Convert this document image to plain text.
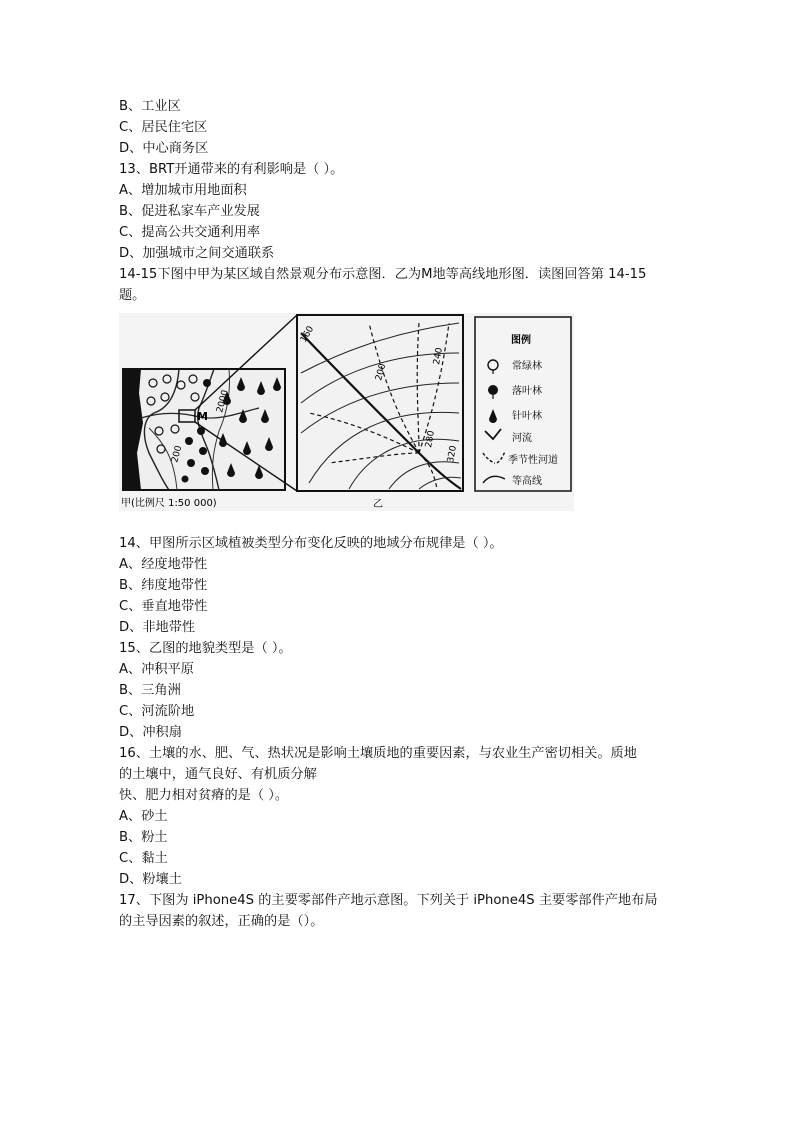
B、工业区
C、居民住宅区
D、中心商务区
13、BRT开通带来的有利影响是（ ）。
A、增加城市用地面积
B、促进私家车产业发展
C、提高公共交通利用率
D、加强城市之间交通联系
14-15下图中甲为某区域自然景观分布示意图．乙为M地等高线地形图．读图回答第 14-15
题。
200
M
甲(比例尺 1:50 000)
160
200
240
280
320
乙
图例
常绿林
落叶林
针叶林
河流
季节性河道
等高线
14、甲图所示区域植被类型分布变化反映的地域分布规律是（ ）。
A、经度地带性
B、纬度地带性
C、垂直地带性
D、非地带性
15、乙图的地貌类型是（ ）。
A、冲积平原
B、三角洲
C、河流阶地
D、冲积扇
16、土壤的水、肥、气、热状况是影响土壤质地的重要因素，与农业生产密切相关。质地
的土壤中，通气良好、有机质分解
快、肥力相对贫瘠的是（ ）。
A、砂土
B、粉土
C、黏土
D、粉壤土
17、下图为 iPhone4S 的主要零部件产地示意图。下列关于 iPhone4S 主要零部件产地布局
的主导因素的叙述，正确的是（）。
